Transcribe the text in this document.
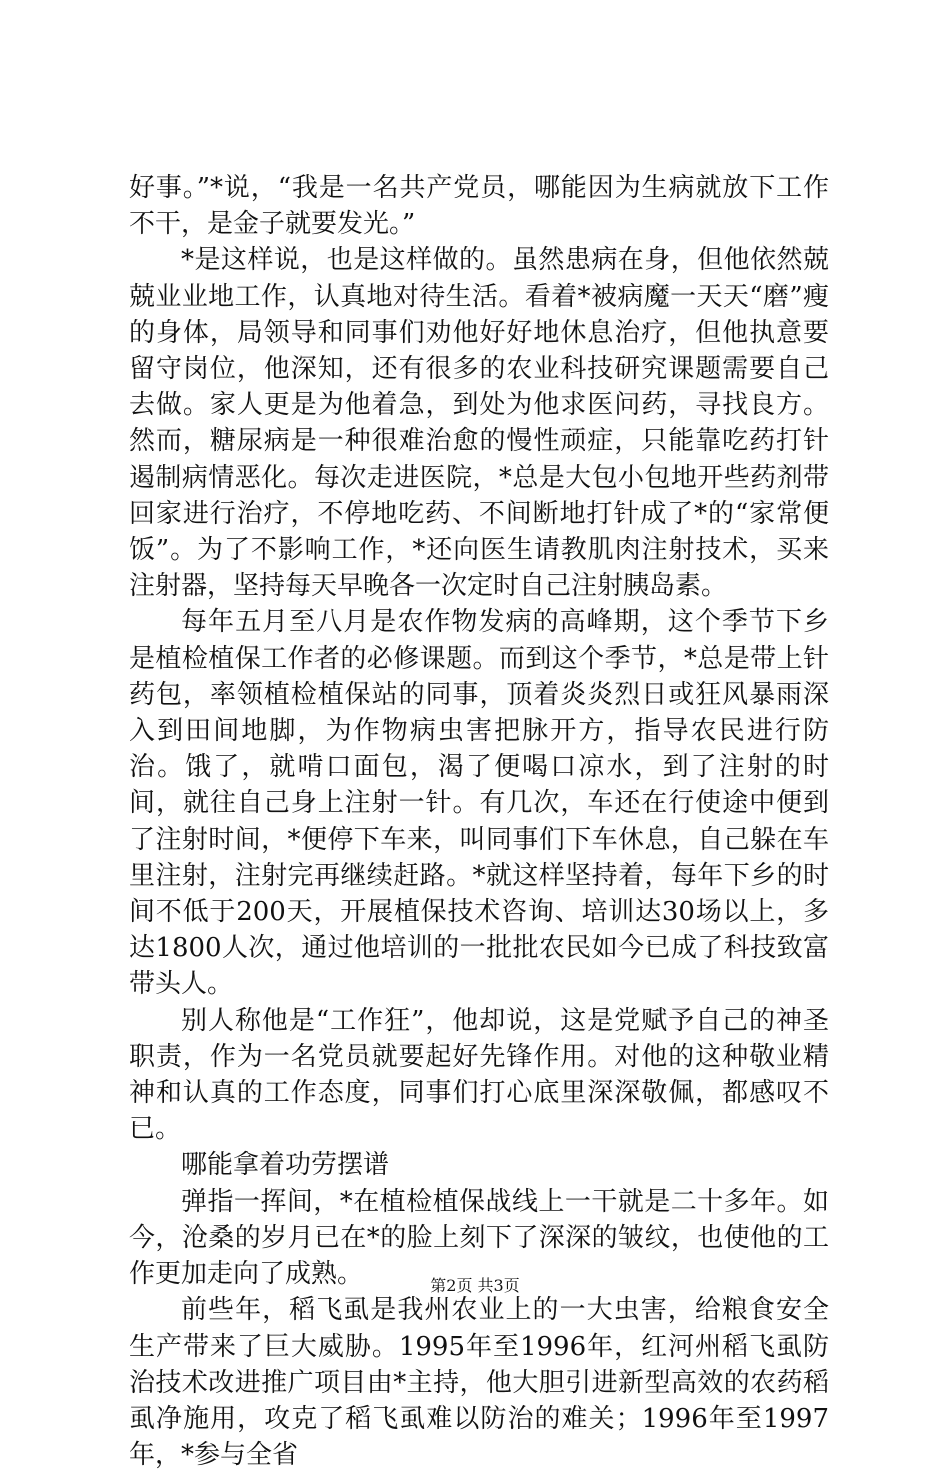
好事。”*说，“我是一名共产党员，哪能因为生病就放下工作不干，是金子就要发光。”

*是这样说，也是这样做的。虽然患病在身，但他依然兢兢业业地工作，认真地对待生活。看着*被病魔一天天“磨”瘦的身体，局领导和同事们劝他好好地休息治疗，但他执意要留守岗位，他深知，还有很多的农业科技研究课题需要自己去做。家人更是为他着急，到处为他求医问药，寻找良方。然而，糖尿病是一种很难治愈的慢性顽症，只能靠吃药打针遏制病情恶化。每次走进医院，*总是大包小包地开些药剂带回家进行治疗，不停地吃药、不间断地打针成了*的“家常便饭”。为了不影响工作，*还向医生请教肌肉注射技术，买来注射器，坚持每天早晚各一次定时自己注射胰岛素。

每年五月至八月是农作物发病的高峰期，这个季节下乡是植检植保工作者的必修课题。而到这个季节，*总是带上针药包，率领植检植保站的同事，顶着炎炎烈日或狂风暴雨深入到田间地脚，为作物病虫害把脉开方，指导农民进行防治。饿了，就啃口面包，渴了便喝口凉水，到了注射的时间，就往自己身上注射一针。有几次，车还在行使途中便到了注射时间，*便停下车来，叫同事们下车休息，自己躲在车里注射，注射完再继续赶路。*就这样坚持着，每年下乡的时间不低于200天，开展植保技术咨询、培训达30场以上，多达1800人次，通过他培训的一批批农民如今已成了科技致富带头人。

别人称他是“工作狂”，他却说，这是党赋予自己的神圣职责，作为一名党员就要起好先锋作用。对他的这种敬业精神和认真的工作态度，同事们打心底里深深敬佩，都感叹不已。

哪能拿着功劳摆谱

弹指一挥间，*在植检植保战线上一干就是二十多年。如今，沧桑的岁月已在*的脸上刻下了深深的皱纹，也使他的工作更加走向了成熟。

前些年，稻飞虱是我州农业上的一大虫害，给粮食安全生产带来了巨大威胁。1995年至1996年，红河州稻飞虱防治技术改进推广项目由*主持，他大胆引进新型高效的农药稻虱净施用，攻克了稻飞虱难以防治的难关；1996年至1997年，*参与全省

第2页 共3页
